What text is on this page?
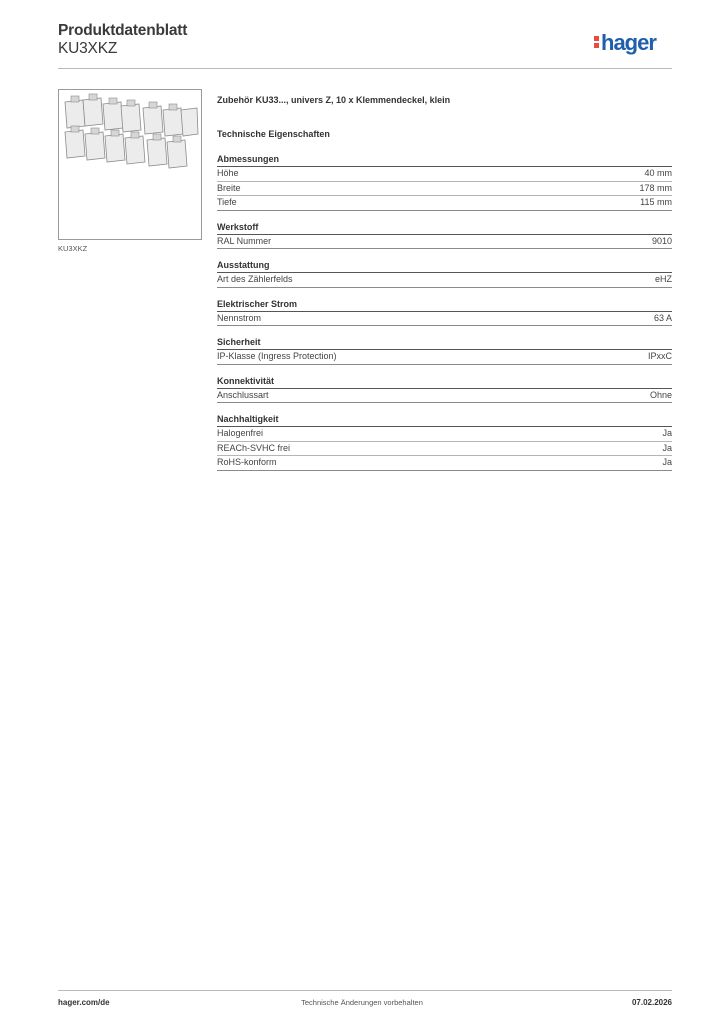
Produktdatenblatt
KU3XKZ	hager
KU3XKZ
Zubehör KU33..., univers Z, 10 x Klemmendeckel, klein
Technische Eigenschaften
Abmessungen
Höhe	40 mm
Breite	178 mm
Tiefe	115 mm
Werkstoff
RAL Nummer	9010
Ausstattung
Art des Zählerfelds	eHZ
Elektrischer Strom
Nennstrom	63 A
Sicherheit
IP-Klasse (Ingress Protection)	IPxxC
Konnektivität
Anschlussart	Ohne
Nachhaltigkeit
Halogenfrei	Ja
REACh-SVHC frei	Ja
RoHS-konform	Ja
hager.com/de	Technische Änderungen vorbehalten	07.02.2026
